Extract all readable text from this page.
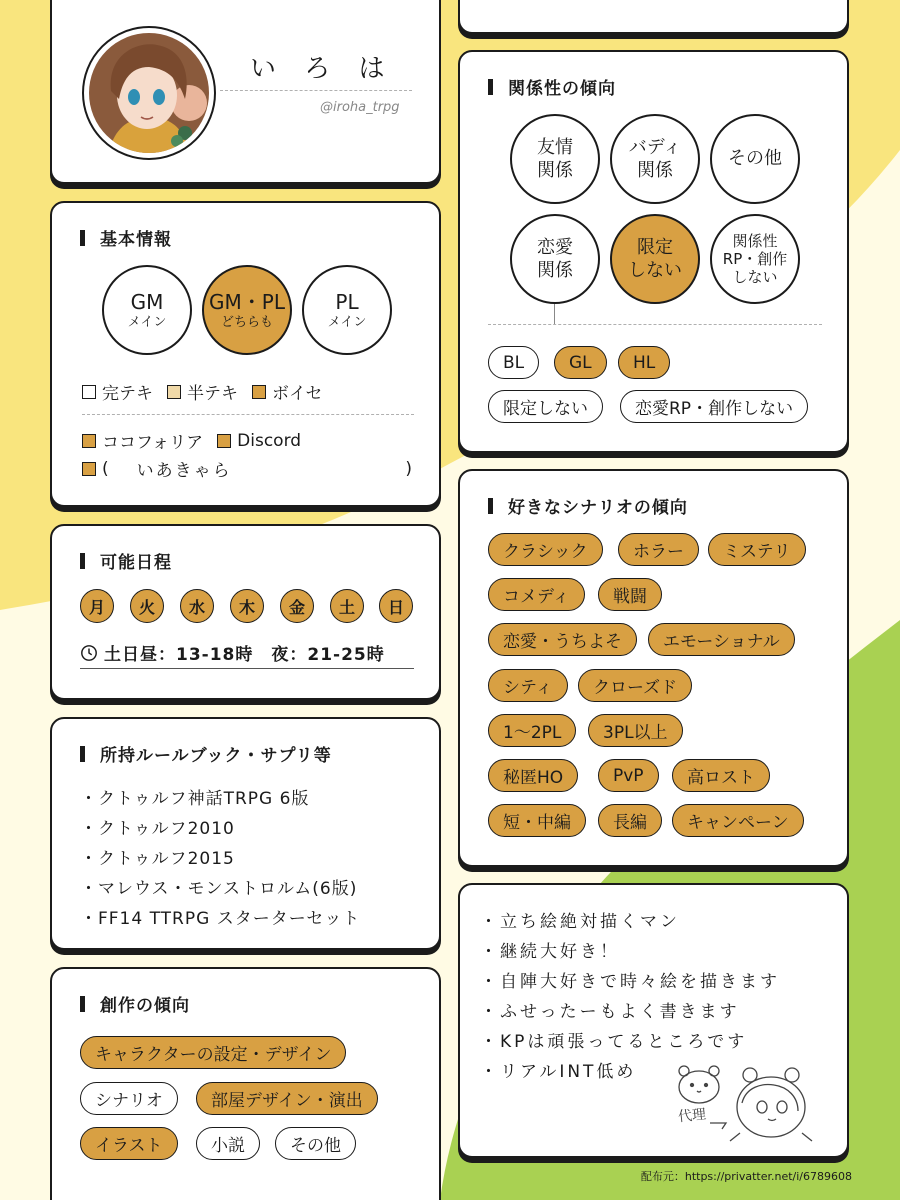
い ろ は
@iroha_trpg
基本情報
GM
メイン
GM・PL
どちらも
PL
メイン
完テキ 半テキ ボイセ
ココフォリア Discord
( いあきゃら	)
可能日程
月	火	水	木	金	土	日
土日昼：13-18時　夜：21-25時
所持ルールブック・サプリ等
・クトゥルフ神話TRPG 6版
・クトゥルフ2010
・クトゥルフ2015
・マレウス・モンストロルム(6版)
・FF14 TTRPG スターターセット
創作の傾向
キャラクターの設定・デザイン
シナリオ	部屋デザイン・演出
イラスト	小説	その他
関係性の傾向
友情
関係
バディ
関係
その他
恋愛
関係
限定
しない
関係性
RP・創作
しない
BL	GL	HL
限定しない	恋愛RP・創作しない
好きなシナリオの傾向
クラシック	ホラー	ミステリ
コメディ	戦闘
恋愛・うちよそ	エモーショナル
シティ	クローズド
1〜2PL	3PL以上
秘匿HO	PvP	高ロスト
短・中編	長編	キャンペーン
・立ち絵絶対描くマン
・継続大好き！
・自陣大好きで時々絵を描きます
・ふせったーもよく書きます
・KPは頑張ってるところです
・リアルINT低め
代理
配布元：https://privatter.net/i/6789608
